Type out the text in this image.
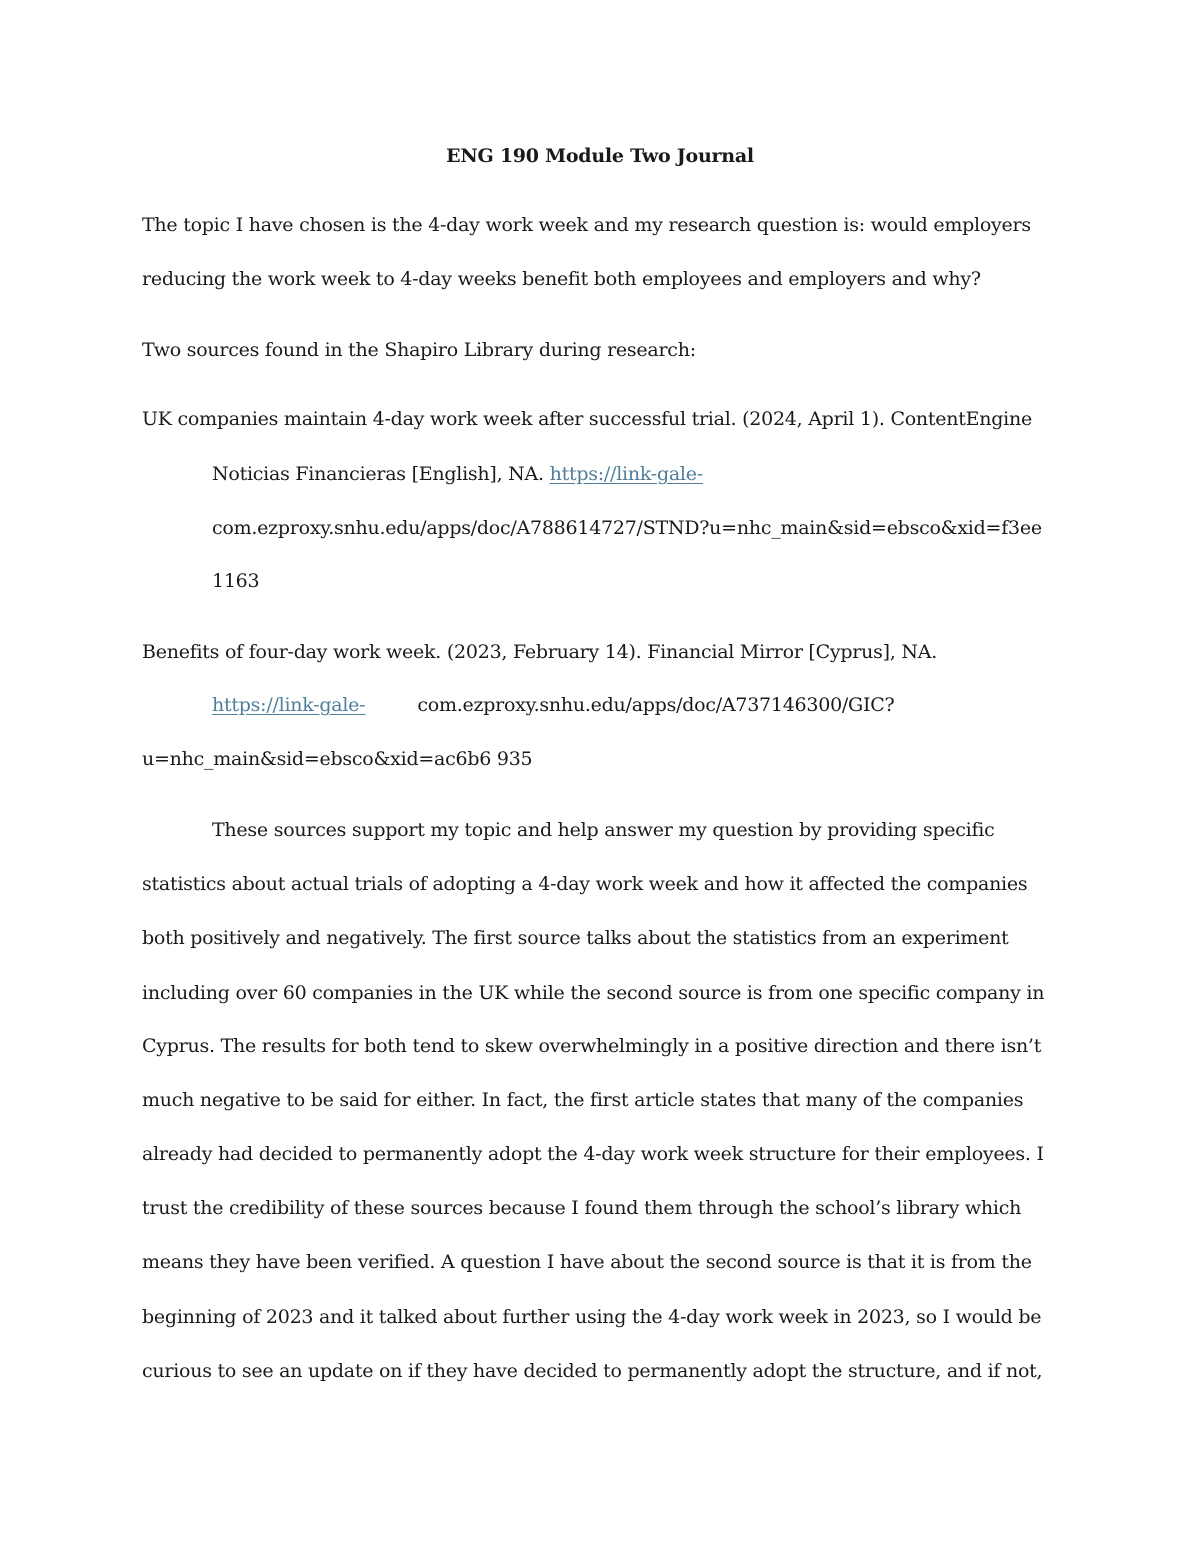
ENG 190 Module Two Journal
The topic I have chosen is the 4-day work week and my research question is: would employers
reducing the work week to 4-day weeks benefit both employees and employers and why?
Two sources found in the Shapiro Library during research:
UK companies maintain 4-day work week after successful trial. (2024, April 1). ContentEngine
Noticias Financieras [English], NA. https://link-gale-
com.ezproxy.snhu.edu/apps/doc/A788614727/STND?u=nhc_main&sid=ebsco&xid=f3ee
1163
Benefits of four-day work week. (2023, February 14). Financial Mirror [Cyprus], NA.
https://link-gale-	com.ezproxy.snhu.edu/apps/doc/A737146300/GIC?
u=nhc_main&sid=ebsco&xid=ac6b6 935
These sources support my topic and help answer my question by providing specific
statistics about actual trials of adopting a 4-day work week and how it affected the companies
both positively and negatively. The first source talks about the statistics from an experiment
including over 60 companies in the UK while the second source is from one specific company in
Cyprus. The results for both tend to skew overwhelmingly in a positive direction and there isn’t
much negative to be said for either. In fact, the first article states that many of the companies
already had decided to permanently adopt the 4-day work week structure for their employees. I
trust the credibility of these sources because I found them through the school’s library which
means they have been verified. A question I have about the second source is that it is from the
beginning of 2023 and it talked about further using the 4-day work week in 2023, so I would be
curious to see an update on if they have decided to permanently adopt the structure, and if not,
